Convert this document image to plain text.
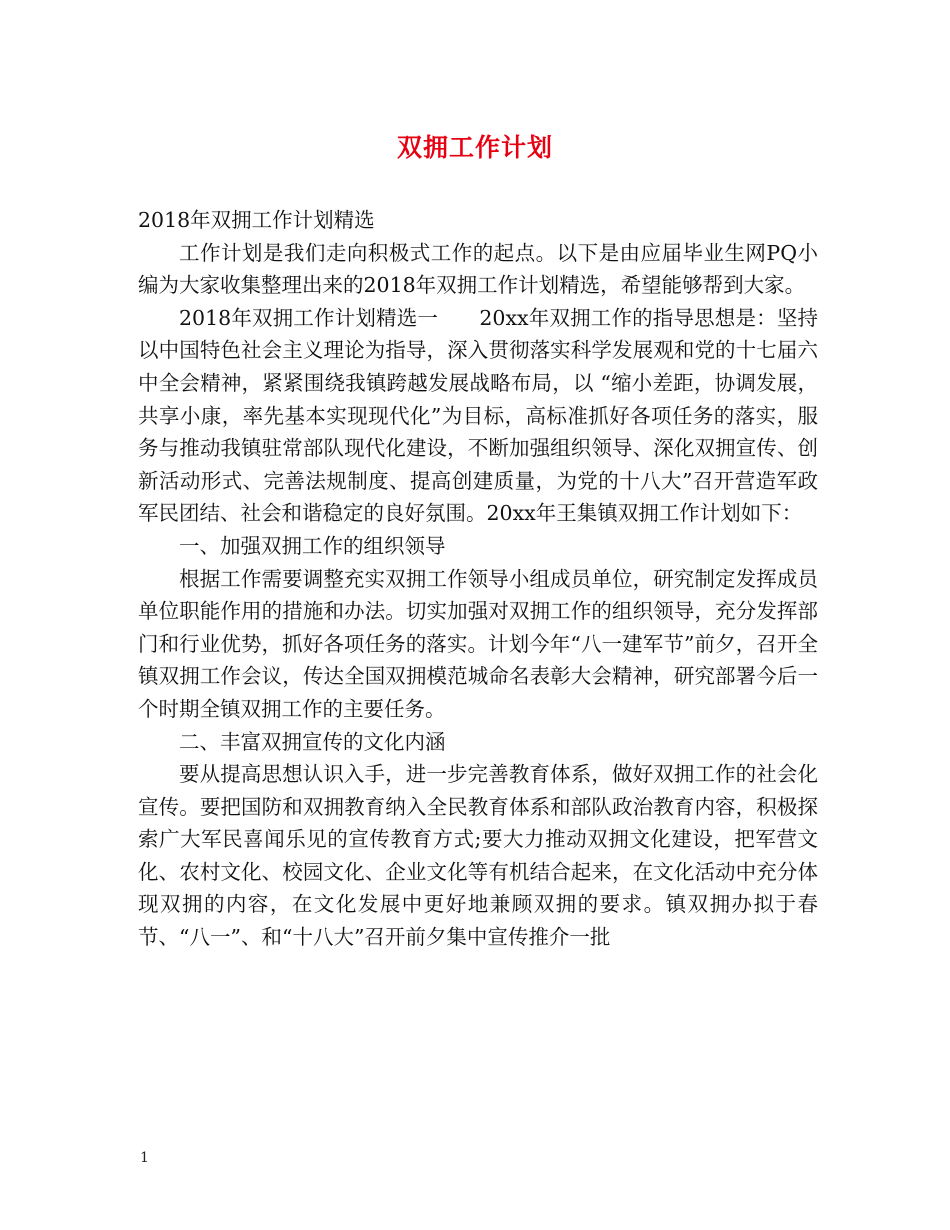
双拥工作计划

2018年双拥工作计划精选

工作计划是我们走向积极式工作的起点。以下是由应届毕业生网PQ小编为大家收集整理出来的2018年双拥工作计划精选，希望能够帮到大家。

2018年双拥工作计划精选一　　20xx年双拥工作的指导思想是：坚持以中国特色社会主义理论为指导，深入贯彻落实科学发展观和党的十七届六中全会精神，紧紧围绕我镇跨越发展战略布局，以 “缩小差距，协调发展，共享小康，率先基本实现现代化”为目标，高标准抓好各项任务的落实，服务与推动我镇驻常部队现代化建设，不断加强组织领导、深化双拥宣传、创新活动形式、完善法规制度、提高创建质量，为党的十八大”召开营造军政军民团结、社会和谐稳定的良好氛围。20xx年王集镇双拥工作计划如下：

一、加强双拥工作的组织领导

根据工作需要调整充实双拥工作领导小组成员单位，研究制定发挥成员单位职能作用的措施和办法。切实加强对双拥工作的组织领导，充分发挥部门和行业优势，抓好各项任务的落实。计划今年“八一建军节”前夕，召开全镇双拥工作会议，传达全国双拥模范城命名表彰大会精神，研究部署今后一个时期全镇双拥工作的主要任务。

二、丰富双拥宣传的文化内涵

要从提高思想认识入手，进一步完善教育体系，做好双拥工作的社会化宣传。要把国防和双拥教育纳入全民教育体系和部队政治教育内容，积极探索广大军民喜闻乐见的宣传教育方式;要大力推动双拥文化建设，把军营文化、农村文化、校园文化、企业文化等有机结合起来，在文化活动中充分体现双拥的内容，在文化发展中更好地兼顾双拥的要求。镇双拥办拟于春节、“八一”、和“十八大”召开前夕集中宣传推介一批

1
